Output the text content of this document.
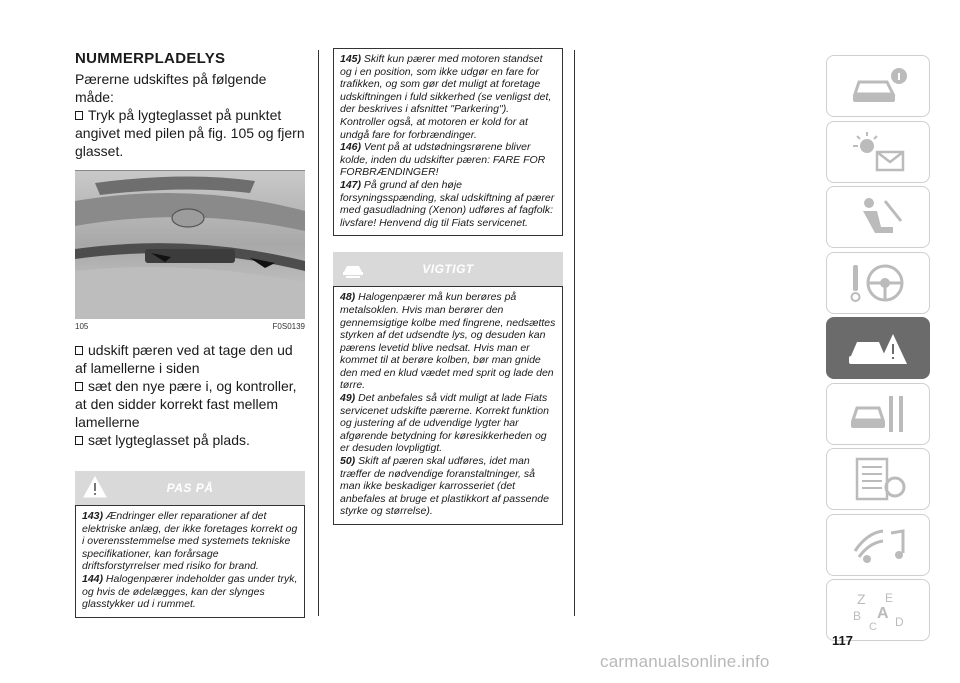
NUMMERPLADELYS

Pærerne udskiftes på følgende måde:

Tryk på lygteglasset på punktet angivet med pilen på fig. 105 og fjern glasset.

105	F0S0139

udskift pæren ved at tage den ud af lamellerne i siden

sæt den nye pære i, og kontroller, at den sidder korrekt fast mellem lamellerne

sæt lygteglasset på plads.

PAS PÅ

143) Ændringer eller reparationer af det elektriske anlæg, der ikke foretages korrekt og i overensstemmelse med systemets tekniske specifikationer, kan forårsage driftsforstyrrelser med risiko for brand.

144) Halogenpærer indeholder gas under tryk, og hvis de ødelægges, kan der slynges glasstykker ud i rummet.

145) Skift kun pærer med motoren standset og i en position, som ikke udgør en fare for trafikken, og som gør det muligt at foretage udskiftningen i fuld sikkerhed (se venligst det, der beskrives i afsnittet "Parkering"). Kontroller også, at motoren er kold for at undgå fare for forbrændinger.

146) Vent på at udstødningsrørene bliver kolde, inden du udskifter pæren: FARE FOR FORBRÆNDINGER!

147) På grund af den høje forsyningsspænding, skal udskiftning af pærer med gasudladning (Xenon) udføres af fagfolk: livsfare! Henvend dig til Fiats servicenet.

VIGTIGT

48) Halogenpærer må kun berøres på metalsoklen. Hvis man berører den gennemsigtige kolbe med fingrene, nedsættes styrken af det udsendte lys, og desuden kan pærens levetid blive nedsat. Hvis man er kommet til at berøre kolben, bør man gnide den med en klud vædet med sprit og lade den tørre.

49) Det anbefales så vidt muligt at lade Fiats servicenet udskifte pærerne. Korrekt funktion og justering af de udvendige lygter har afgørende betydning for køresikkerheden og er desuden lovpligtigt.

50) Skift af pæren skal udføres, idet man træffer de nødvendige foranstaltninger, så man ikke beskadiger karrosseriet (det anbefales at bruge et plastikkort af passende styrke og størrelse).

Z E
B A
C D
117
carmanualsonline.info
